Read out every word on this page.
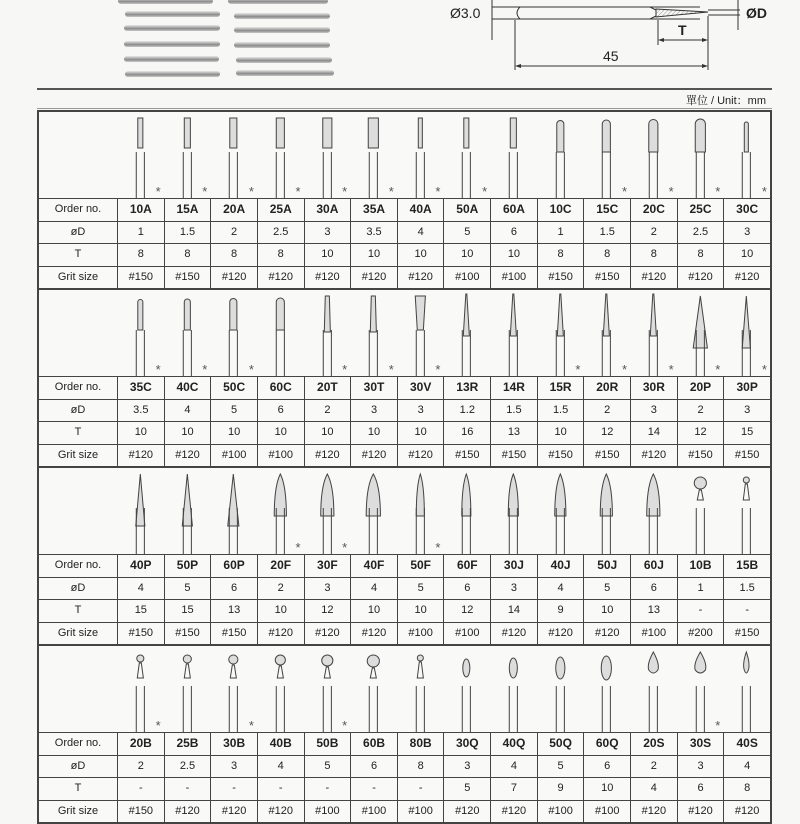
Ø3.0	ØD
T
45
單位 / Unit：mm
*	*	*	*	*	*	*	*	*	*	*	*
Order no.	10A	15A	20A	25A	30A	35A	40A	50A	60A	10C	15C	20C	25C	30C
øD	1	1.5	2	2.5	3	3.5	4	5	6	1	1.5	2	2.5	3
T	8	8	8	8	10	10	10	10	10	8	8	8	8	10
Grit size	#150	#150	#120	#120	#120	#120	#120	#100	#100	#150	#150	#120	#120	#120
*	*	*	*	*	*	*	*	*	*	*
Order no.	35C	40C	50C	60C	20T	30T	30V	13R	14R	15R	20R	30R	20P	30P
øD	3.5	4	5	6	2	3	3	1.2	1.5	1.5	2	3	2	3
T	10	10	10	10	10	10	10	16	13	10	12	14	12	15
Grit size	#120	#120	#100	#100	#120	#120	#120	#150	#150	#150	#150	#120	#150	#150
*	*	*
Order no.	40P	50P	60P	20F	30F	40F	50F	60F	30J	40J	50J	60J	10B	15B
øD	4	5	6	2	3	4	5	6	3	4	5	6	1	1.5
T	15	15	13	10	12	10	10	12	14	9	10	13	-	-
Grit size	#150	#150	#150	#120	#120	#120	#100	#100	#120	#120	#120	#100	#200	#150
*	*	*	*
Order no.	20B	25B	30B	40B	50B	60B	80B	30Q	40Q	50Q	60Q	20S	30S	40S
øD	2	2.5	3	4	5	6	8	3	4	5	6	2	3	4
T	-	-	-	-	-	-	-	5	7	9	10	4	6	8
Grit size	#150	#120	#120	#120	#100	#100	#100	#120	#120	#100	#100	#120	#120	#120
